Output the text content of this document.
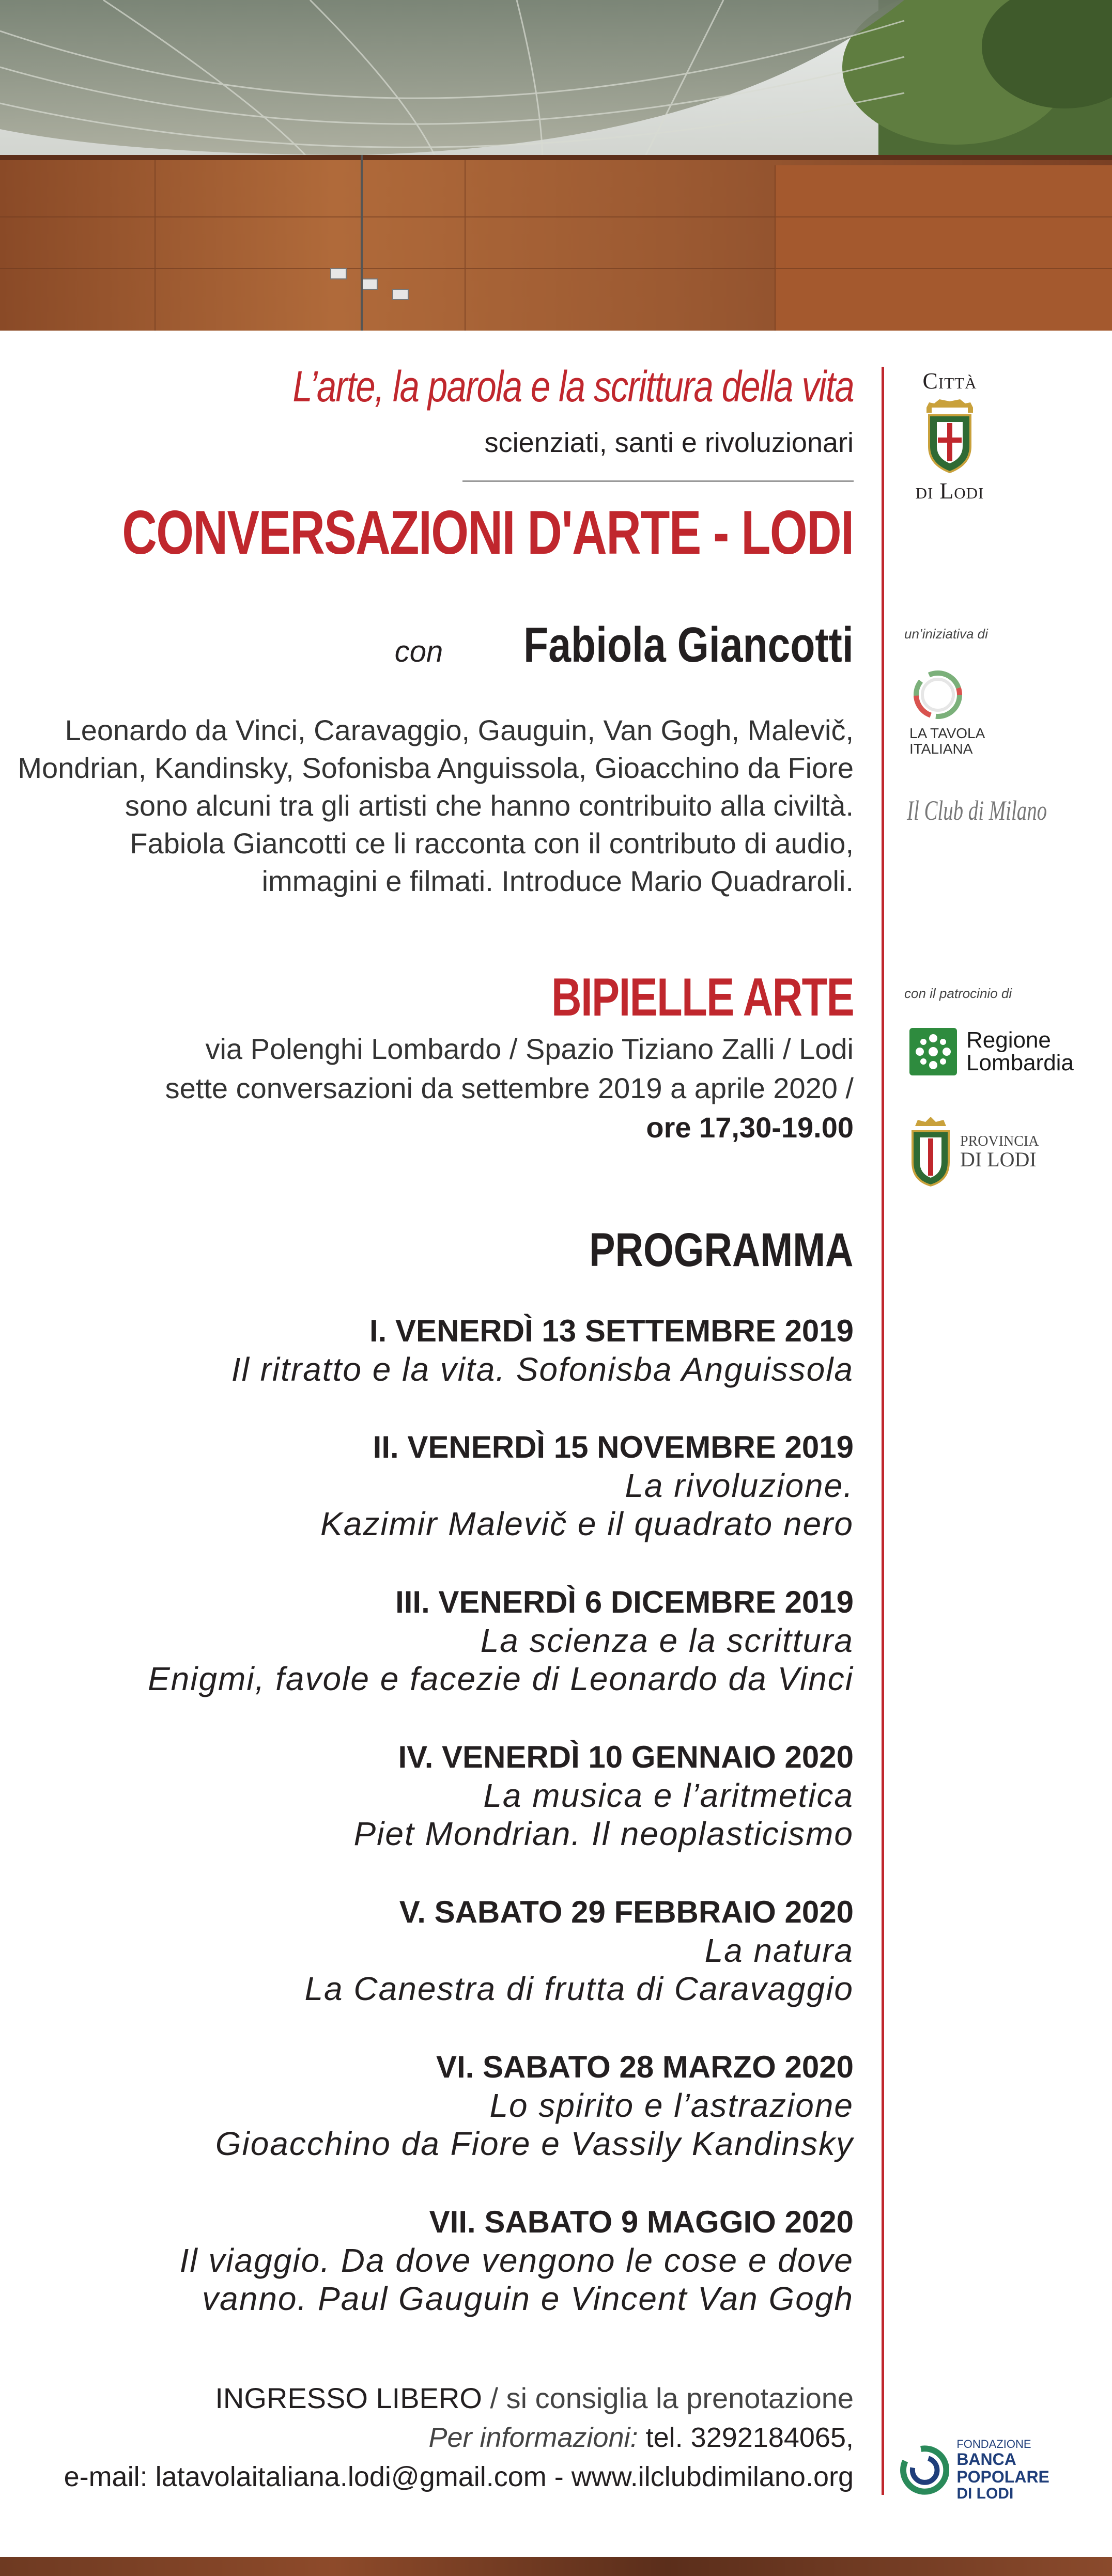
L’arte, la parola e la scrittura della vita
scienziati, santi e rivoluzionari
CONVERSAZIONI D'ARTE - LODI
con Fabiola Giancotti
Leonardo da Vinci, Caravaggio, Gauguin, Van Gogh, Malevič,
Mondrian, Kandinsky, Sofonisba Anguissola, Gioacchino da Fiore
sono alcuni tra gli artisti che hanno contribuito alla civiltà.
Fabiola Giancotti ce li racconta con il contributo di audio,
immagini e filmati. Introduce Mario Quadraroli.
BIPIELLE ARTE
via Polenghi Lombardo / Spazio Tiziano Zalli / Lodi
sette conversazioni da settembre 2019 a aprile 2020 /
ore 17,30-19.00
PROGRAMMA
I. VENERDÌ 13 SETTEMBRE 2019
Il ritratto e la vita. Sofonisba Anguissola
II. VENERDÌ 15 NOVEMBRE 2019
La rivoluzione.
Kazimir Malevič e il quadrato nero
III. VENERDÌ 6 DICEMBRE 2019
La scienza e la scrittura
Enigmi, favole e facezie di Leonardo da Vinci
IV. VENERDÌ 10 GENNAIO 2020
La musica e l’aritmetica
Piet Mondrian. Il neoplasticismo
V. SABATO 29 FEBBRAIO 2020
La natura
La Canestra di frutta di Caravaggio
VI. SABATO 28 MARZO 2020
Lo spirito e l’astrazione
Gioacchino da Fiore e Vassily Kandinsky
VII. SABATO 9 MAGGIO 2020
Il viaggio. Da dove vengono le cose e dove
vanno. Paul Gauguin e Vincent Van Gogh
INGRESSO LIBERO / si consiglia la prenotazione
Per informazioni: tel. 3292184065,
e-mail: latavolaitaliana.lodi@gmail.com - www.ilclubdimilano.org
Città
di Lodi
un’iniziativa di
LA TAVOLA
ITALIANA
Il Club di Milano
con il patrocinio di
Regione
Lombardia
PROVINCIA
DI LODI
FONDAZIONE
BANCA POPOLARE
DI LODI
